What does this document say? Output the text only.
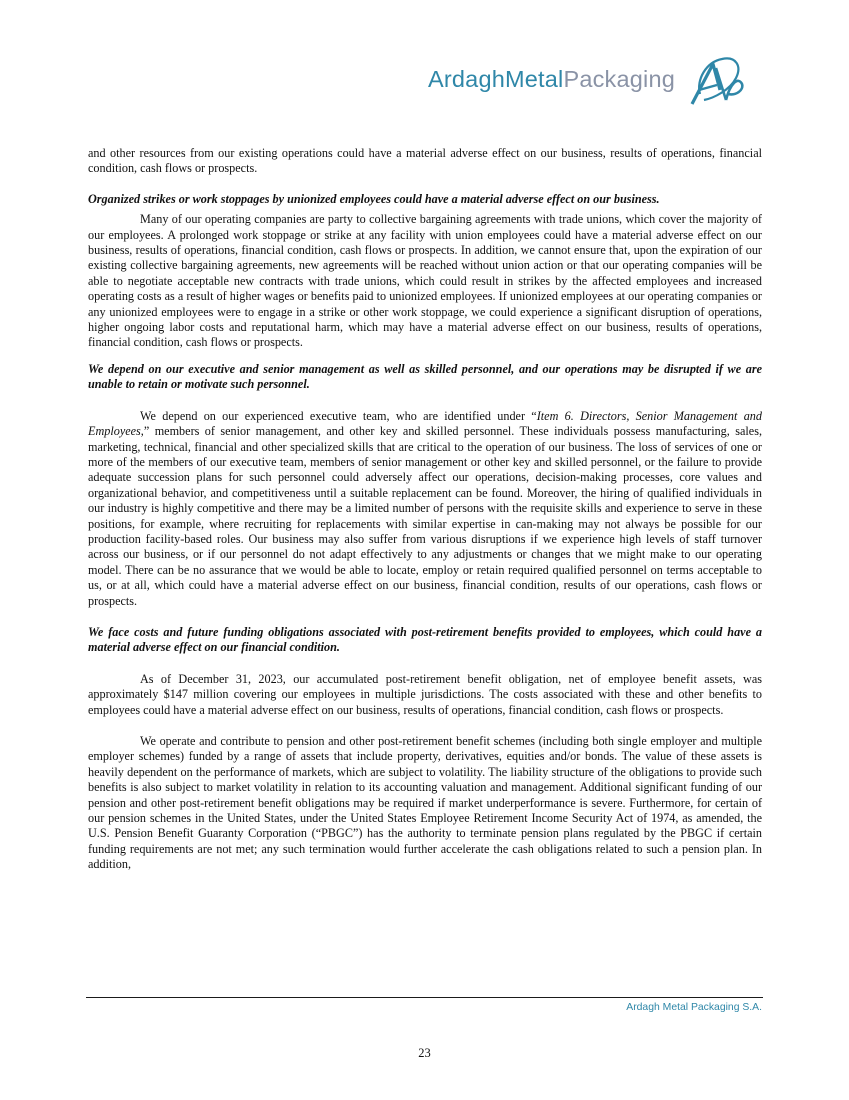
ArdaghMetalPackaging

and other resources from our existing operations could have a material adverse effect on our business, results of operations, financial condition, cash flows or prospects.

Organized strikes or work stoppages by unionized employees could have a material adverse effect on our business.

Many of our operating companies are party to collective bargaining agreements with trade unions, which cover the majority of our employees. A prolonged work stoppage or strike at any facility with union employees could have a material adverse effect on our business, results of operations, financial condition, cash flows or prospects. In addition, we cannot ensure that, upon the expiration of our existing collective bargaining agreements, new agreements will be reached without union action or that our operating companies will be able to negotiate acceptable new contracts with trade unions, which could result in strikes by the affected employees and increased operating costs as a result of higher wages or benefits paid to unionized employees. If unionized employees at our operating companies or any unionized employees were to engage in a strike or other work stoppage, we could experience a significant disruption of operations, higher ongoing labor costs and reputational harm, which may have a material adverse effect on our business, results of operations, financial condition, cash flows or prospects.

We depend on our executive and senior management as well as skilled personnel, and our operations may be disrupted if we are unable to retain or motivate such personnel.

We depend on our experienced executive team, who are identified under “Item 6. Directors, Senior Management and Employees,” members of senior management, and other key and skilled personnel. These individuals possess manufacturing, sales, marketing, technical, financial and other specialized skills that are critical to the operation of our business. The loss of services of one or more of the members of our executive team, members of senior management or other key and skilled personnel, or the failure to provide adequate succession plans for such personnel could adversely affect our operations, decision-making processes, core values and organizational behavior, and competitiveness until a suitable replacement can be found. Moreover, the hiring of qualified individuals in our industry is highly competitive and there may be a limited number of persons with the requisite skills and experience to serve in these positions, for example, where recruiting for replacements with similar expertise in can-making may not always be possible for our production facility-based roles. Our business may also suffer from various disruptions if we experience high levels of staff turnover across our business, or if our personnel do not adapt effectively to any adjustments or changes that we might make to our operating model. There can be no assurance that we would be able to locate, employ or retain required qualified personnel on terms acceptable to us, or at all, which could have a material adverse effect on our business, financial condition, results of our operations, cash flows or prospects.

We face costs and future funding obligations associated with post-retirement benefits provided to employees, which could have a material adverse effect on our financial condition.

As of December 31, 2023, our accumulated post-retirement benefit obligation, net of employee benefit assets, was approximately $147 million covering our employees in multiple jurisdictions. The costs associated with these and other benefits to employees could have a material adverse effect on our business, results of operations, financial condition, cash flows or prospects.

We operate and contribute to pension and other post-retirement benefit schemes (including both single employer and multiple employer schemes) funded by a range of assets that include property, derivatives, equities and/or bonds. The value of these assets is heavily dependent on the performance of markets, which are subject to volatility. The liability structure of the obligations to provide such benefits is also subject to market volatility in relation to its accounting valuation and management. Additional significant funding of our pension and other post-retirement benefit obligations may be required if market underperformance is severe. Furthermore, for certain of our pension schemes in the United States, under the United States Employee Retirement Income Security Act of 1974, as amended, the U.S. Pension Benefit Guaranty Corporation (“PBGC”) has the authority to terminate pension plans regulated by the PBGC if certain funding requirements are not met; any such termination would further accelerate the cash obligations related to such a pension plan. In addition,

Ardagh Metal Packaging S.A.
23
